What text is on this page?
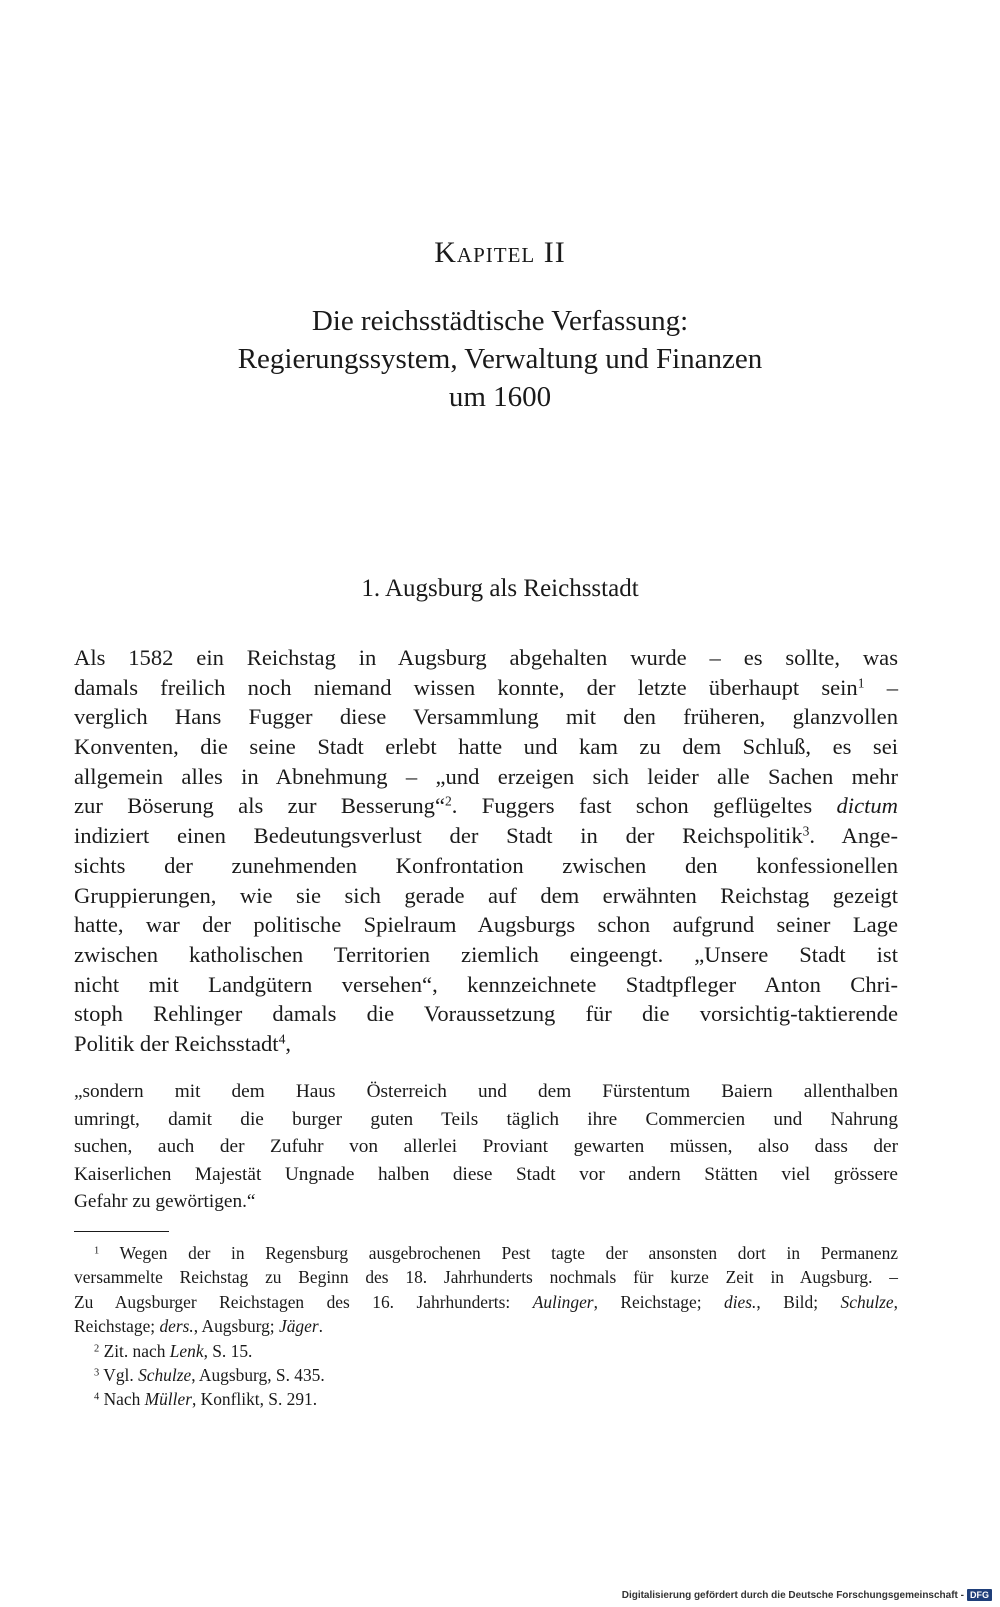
Kapitel II
Die reichsstädtische Verfassung:
Regierungssystem, Verwaltung und Finanzen
um 1600
1. Augsburg als Reichsstadt
Als 1582 ein Reichstag in Augsburg abgehalten wurde – es sollte, was
damals freilich noch niemand wissen konnte, der letzte überhaupt sein$^1$ –
verglich Hans Fugger diese Versammlung mit den früheren, glanzvollen
Konventen, die seine Stadt erlebt hatte und kam zu dem Schluß, es sei
allgemein alles in Abnehmung – „und erzeigen sich leider alle Sachen mehr
zur Böserung als zur Besserung“$^2$. Fuggers fast schon geflügeltes dictum
indiziert einen Bedeutungsverlust der Stadt in der Reichspolitik$^3$. Ange-
sichts der zunehmenden Konfrontation zwischen den konfessionellen
Gruppierungen, wie sie sich gerade auf dem erwähnten Reichstag gezeigt
hatte, war der politische Spielraum Augsburgs schon aufgrund seiner Lage
zwischen katholischen Territorien ziemlich eingeengt. „Unsere Stadt ist
nicht mit Landgütern versehen“, kennzeichnete Stadtpfleger Anton Chri-
stoph Rehlinger damals die Voraussetzung für die vorsichtig-taktierende
Politik der Reichsstadt$^4$,
„sondern mit dem Haus Österreich und dem Fürstentum Baiern allenthalben
umringt, damit die burger guten Teils täglich ihre Commercien und Nahrung
suchen, auch der Zufuhr von allerlei Proviant gewarten müssen, also dass der
Kaiserlichen Majestät Ungnade halben diese Stadt vor andern Stätten viel grössere
Gefahr zu gewörtigen.“
$^1$ Wegen der in Regensburg ausgebrochenen Pest tagte der ansonsten dort in Permanenz
versammelte Reichstag zu Beginn des 18. Jahrhunderts nochmals für kurze Zeit in Augsburg. –
Zu Augsburger Reichstagen des 16. Jahrhunderts: Aulinger, Reichstage; dies., Bild; Schulze,
Reichstage; ders., Augsburg; Jäger.
$^2$ Zit. nach Lenk, S. 15.
$^3$ Vgl. Schulze, Augsburg, S. 435.
$^4$ Nach Müller, Konflikt, S. 291.
Digitalisierung gefördert durch die Deutsche Forschungsgemeinschaft - DFG
